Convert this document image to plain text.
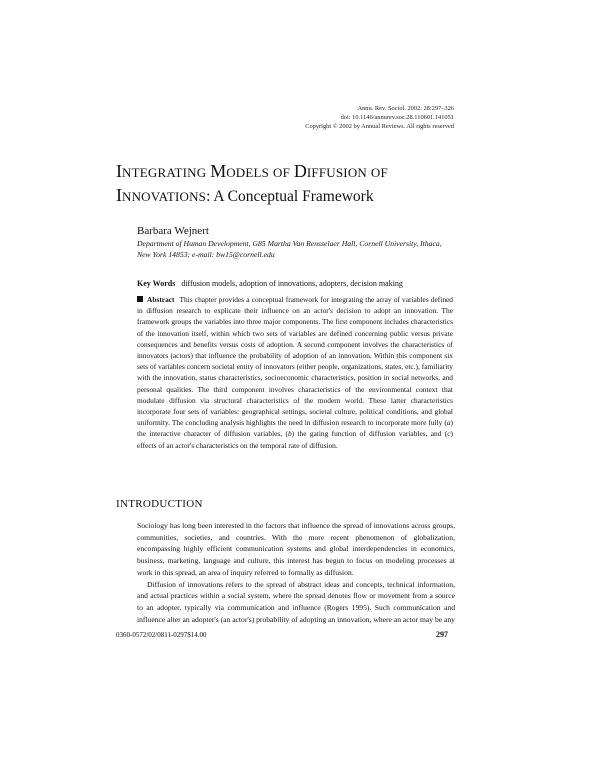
Annu. Rev. Sociol. 2002. 28:297–326
doi: 10.1146/annurev.soc.28.110601.141051
Copyright © 2002 by Annual Reviews. All rights reserved
INTEGRATING MODELS OF DIFFUSION OF
INNOVATIONS: A Conceptual Framework
Barbara Wejnert
Department of Human Development, G85 Martha Van Rensselaer Hall, Cornell University, Ithaca, New York 14853; e-mail: bw15@cornell.edu
Key Words diffusion models, adoption of innovations, adopters, decision making
Abstract This chapter provides a conceptual framework for integrating the array of variables defined in diffusion research to explicate their influence on an actor's decision to adopt an innovation. The framework groups the variables into three major components. The first component includes characteristics of the innovation itself, within which two sets of variables are defined concerning public versus private consequences and benefits versus costs of adoption. A second component involves the characteristics of innovators (actors) that influence the probability of adoption of an innovation. Within this component six sets of variables concern societal entity of innovators (either people, organizations, states, etc.), familiarity with the innovation, status characteristics, socioeconomic characteristics, position in social networks, and personal qualities. The third component involves characteristics of the environmental context that modulate diffusion via structural characteristics of the modern world. These latter characteristics incorporate four sets of variables: geographical settings, societal culture, political conditions, and global uniformity. The concluding analysis highlights the need in diffusion research to incorporate more fully (a) the interactive character of diffusion variables, (b) the gating function of diffusion variables, and (c) effects of an actor's characteristics on the temporal rate of diffusion.
INTRODUCTION

Sociology has long been interested in the factors that influence the spread of innovations across groups, communities, societies, and countries. With the more recent phenomenon of globalization, encompassing highly efficient communication systems and global interdependencies in economics, business, marketing, language and culture, this interest has begun to focus on modeling processes at work in this spread, an area of inquiry referred to formally as diffusion.

Diffusion of innovations refers to the spread of abstract ideas and concepts, technical information, and actual practices within a social system, where the spread denotes flow or movement from a source to an adopter, typically via communication and influence (Rogers 1995). Such communication and influence alter an adopter's (an actor's) probability of adopting an innovation, where an actor may be any

0360-0572/02/0811-0297$14.00	297
